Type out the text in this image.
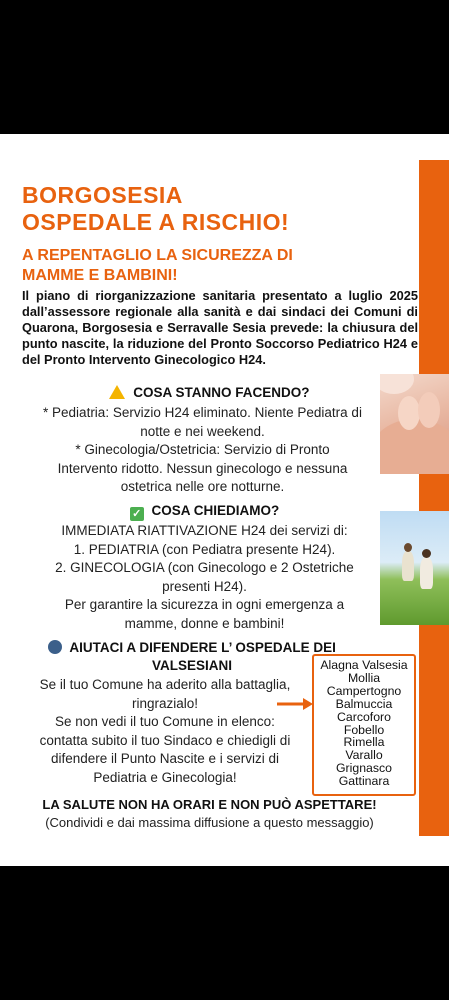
BORGOSESIA
OSPEDALE A RISCHIO!
A REPENTAGLIO LA SICUREZZA DI
MAMME E BAMBINI!

Il piano di riorganizzazione sanitaria presentato a luglio 2025 dall’assessore regionale alla sanità e dai sindaci dei Comuni di Quarona, Borgosesia e Serravalle Sesia prevede: la chiusura del punto nascite, la riduzione del Pronto Soccorso Pediatrico H24 e del Pronto Intervento Ginecologico H24.

COSA STANNO FACENDO?
* Pediatria: Servizio H24 eliminato. Niente Pediatra di
notte e nei weekend.
* Ginecologia/Ostetricia: Servizio di Pronto
Intervento ridotto. Nessun ginecologo e nessuna
ostetrica nelle ore notturne.
✓ COSA CHIEDIAMO?
IMMEDIATA RIATTIVAZIONE H24 dei servizi di:
1. PEDIATRIA (con Pediatra presente H24).
2. GINECOLOGIA (con Ginecologo e 2 Ostetriche
presenti H24).
Per garantire la sicurezza in ogni emergenza a
mamme, donne e bambini!
AIUTACI A DIFENDERE L’ OSPEDALE DEI
VALSESIANI
Se il tuo Comune ha aderito alla battaglia,
ringrazialo!
Se non vedi il tuo Comune in elenco:
contatta subito il tuo Sindaco e chiedigli di
difendere il Punto Nascite e i servizi di
Pediatria e Ginecologia!
Alagna Valsesia
Mollia
Campertogno
Balmuccia
Carcoforo
Fobello
Rimella
Varallo
Grignasco
Gattinara

LA SALUTE NON HA ORARI E NON PUÒ ASPETTARE!

(Condividi e dai massima diffusione a questo messaggio)
